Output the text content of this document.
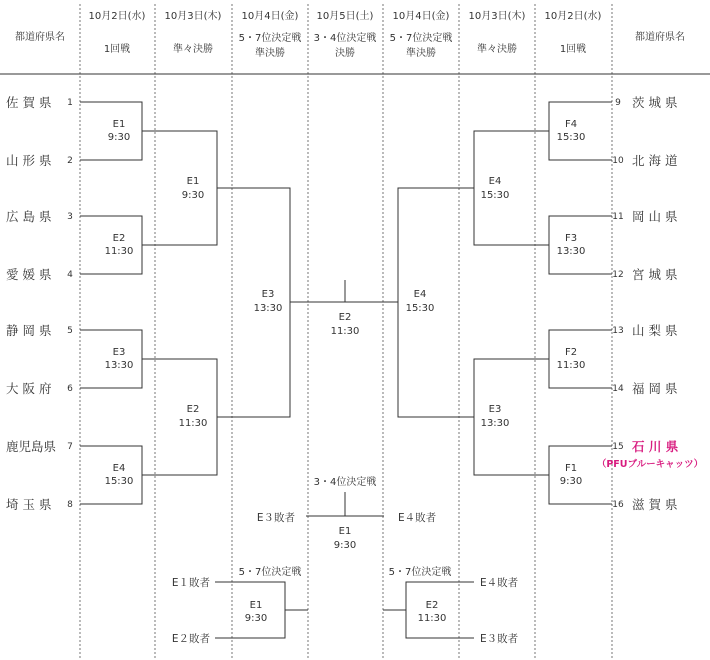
都道府県名
10月2日(水)
1回戦
10月3日(木)
準々決勝
10月4日(金)
5・7位決定戦
準決勝
10月5日(土)
3・4位決定戦
決勝
10月4日(金)
5・7位決定戦
準決勝
10月3日(木)
準々決勝
10月2日(水)
1回戦
都道府県名
佐 賀 県 1
山 形 県 2
広 島 県 3
愛 媛 県 4
静 岡 県 5
大 阪 府 6
鹿児島県 7
埼 玉 県 8
9 茨 城 県
10 北 海 道
11 岡 山 県
12 宮 城 県
13 山 梨 県
14 福 岡 県
15 石 川 県
（PFUブルーキャッツ）
16 滋 賀 県
E1
9:30
E2
11:30
E3
13:30
E4
15:30
E1
9:30
E2
11:30
E3
13:30
F4
15:30
F3
13:30
F2
11:30
F1
9:30
E4
15:30
E3
13:30
E4
15:30
E2
11:30
3・4位決定戦
E３敗者	E４敗者
E1
9:30
5・7位決定戦
E１敗者
E２敗者
E1
9:30
5・7位決定戦
E４敗者
E３敗者
E2
11:30
